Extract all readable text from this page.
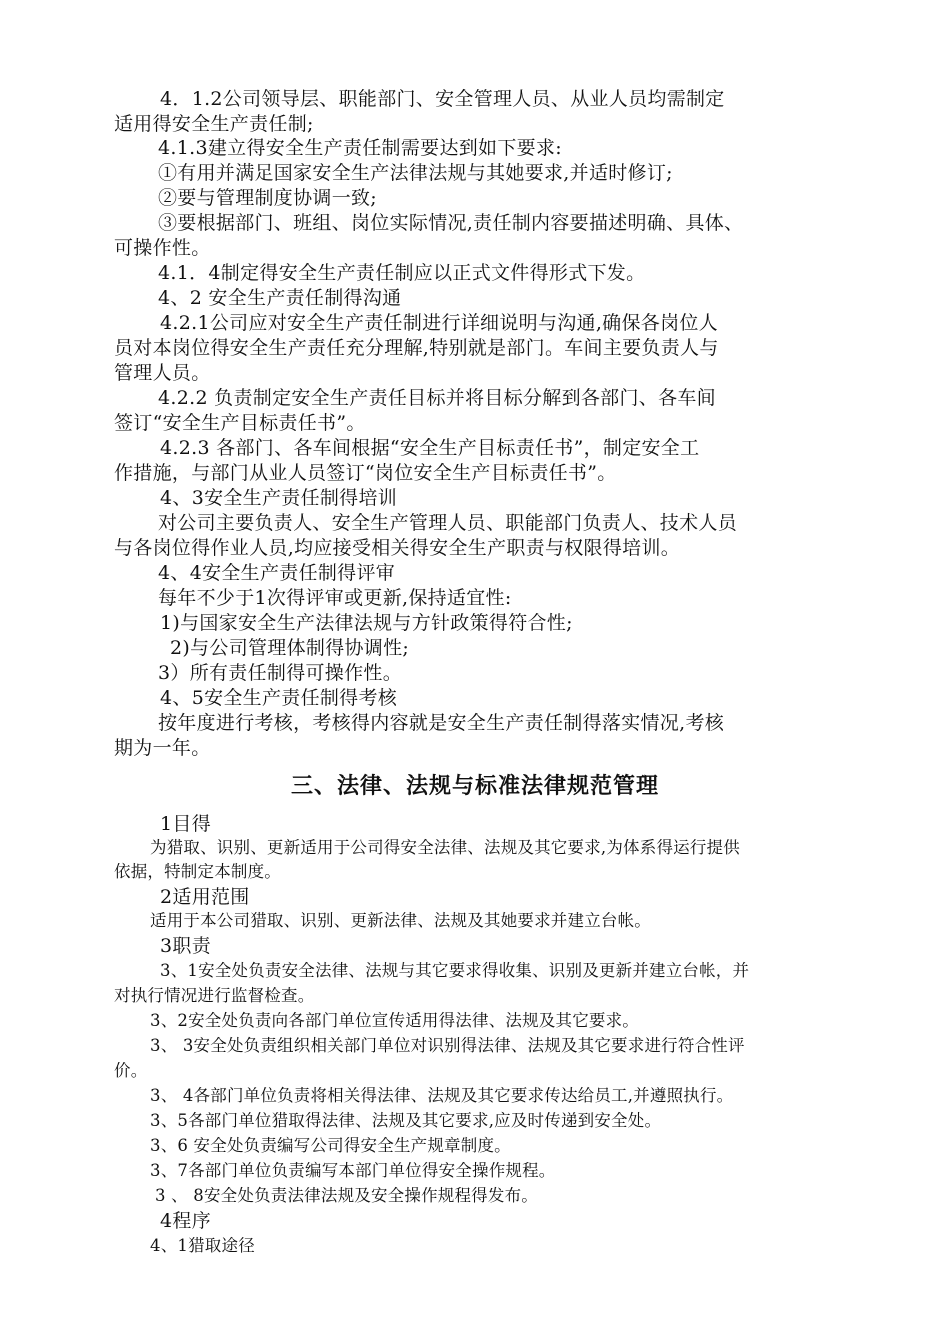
4．1.2公司领导层、职能部门、安全管理人员、从业人员均需制定
适用得安全生产责任制;
4.1.3建立得安全生产责任制需要达到如下要求:
①有用并满足国家安全生产法律法规与其她要求,并适时修订;
②要与管理制度协调一致;
③要根据部门、班组、岗位实际情况,责任制内容要描述明确、具体、
可操作性。
4.1．4制定得安全生产责任制应以正式文件得形式下发。
4、2 安全生产责任制得沟通
4.2.1公司应对安全生产责任制进行详细说明与沟通,确保各岗位人
员对本岗位得安全生产责任充分理解,特别就是部门。车间主要负责人与
管理人员。
4.2.2 负责制定安全生产责任目标并将目标分解到各部门、各车间
签订“安全生产目标责任书”。
4.2.3 各部门、各车间根据“安全生产目标责任书”，制定安全工
作措施，与部门从业人员签订“岗位安全生产目标责任书”。
4、3安全生产责任制得培训
对公司主要负责人、安全生产管理人员、职能部门负责人、技术人员
与各岗位得作业人员,均应接受相关得安全生产职责与权限得培训。
4、4安全生产责任制得评审
每年不少于1次得评审或更新,保持适宜性:
1)与国家安全生产法律法规与方针政策得符合性;
2)与公司管理体制得协调性;
3）所有责任制得可操作性。
4、5安全生产责任制得考核
按年度进行考核，考核得内容就是安全生产责任制得落实情况,考核
期为一年。
三、法律、法规与标准法律规范管理
1目得
为猎取、识别、更新适用于公司得安全法律、法规及其它要求,为体系得运行提供
依据，特制定本制度。
2适用范围
适用于本公司猎取、识别、更新法律、法规及其她要求并建立台帐。
3职责
3、1安全处负责安全法律、法规与其它要求得收集、识别及更新并建立台帐，并
对执行情况进行监督检查。
3、2安全处负责向各部门单位宣传适用得法律、法规及其它要求。
3、 3安全处负责组织相关部门单位对识别得法律、法规及其它要求进行符合性评
价。
3、 4各部门单位负责将相关得法律、法规及其它要求传达给员工,并遵照执行。
3、5各部门单位猎取得法律、法规及其它要求,应及时传递到安全处。
3、6 安全处负责编写公司得安全生产规章制度。
3、7各部门单位负责编写本部门单位得安全操作规程。
3 、 8安全处负责法律法规及安全操作规程得发布。
4程序
4、1猎取途径
